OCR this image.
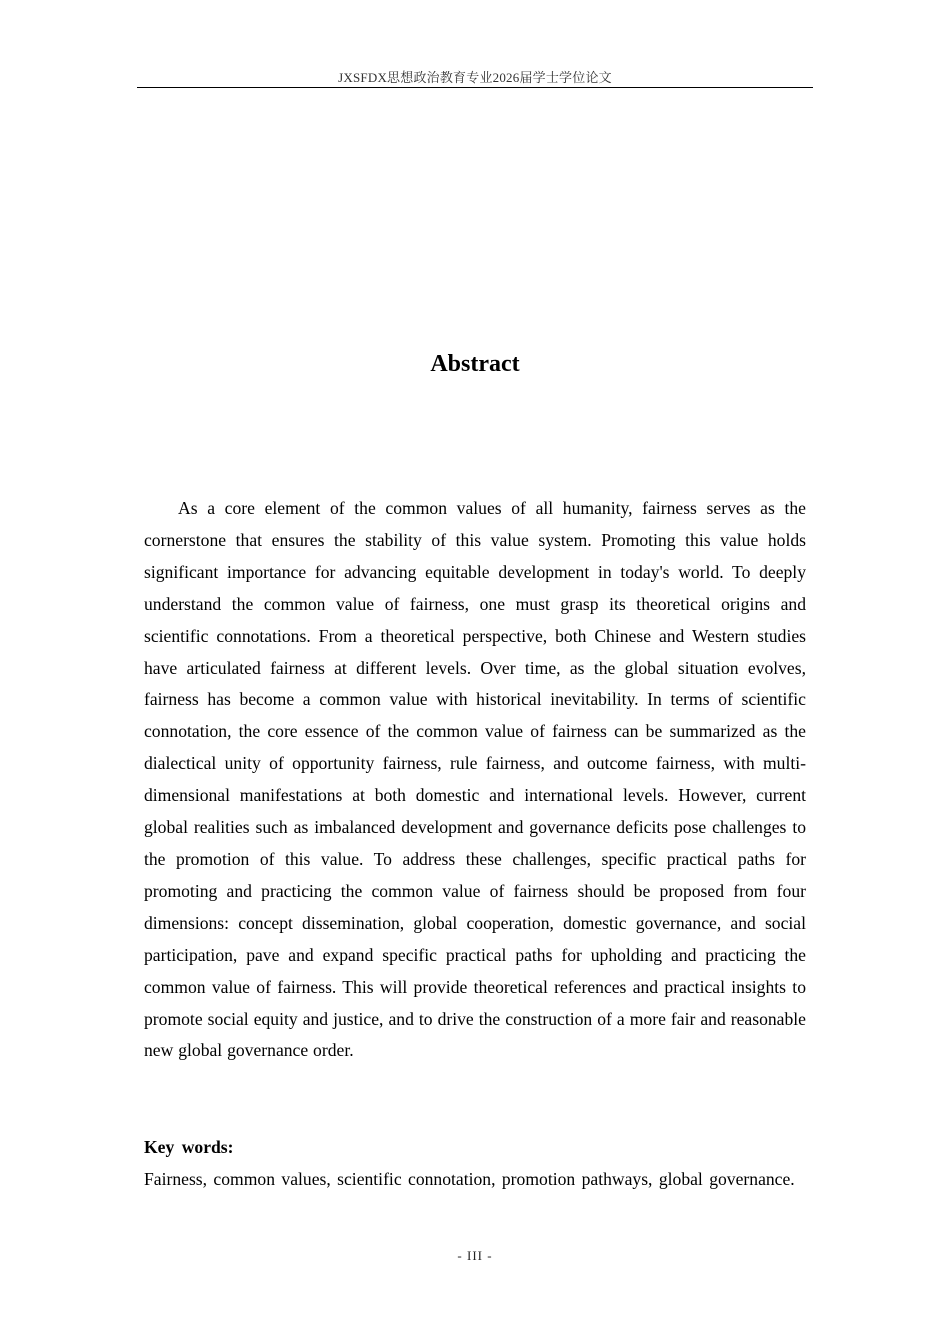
JXSFDX思想政治教育专业2026届学士学位论文
Abstract

As a core element of the common values of all humanity, fairness serves as the cornerstone that ensures the stability of this value system. Promoting this value holds significant importance for advancing equitable development in today's world. To deeply understand the common value of fairness, one must grasp its theoretical origins and scientific connotations. From a theoretical perspective, both Chinese and Western studies have articulated fairness at different levels. Over time, as the global situation evolves, fairness has become a common value with historical inevitability. In terms of scientific connotation, the core essence of the common value of fairness can be summarized as the dialectical unity of opportunity fairness, rule fairness, and outcome fairness, with multi-dimensional manifestations at both domestic and international levels. However, current global realities such as imbalanced development and governance deficits pose challenges to the promotion of this value. To address these challenges, specific practical paths for promoting and practicing the common value of fairness should be proposed from four dimensions: concept dissemination, global cooperation, domestic governance, and social participation, pave and expand specific practical paths for upholding and practicing the common value of fairness. This will provide theoretical references and practical insights to promote social equity and justice, and to drive the construction of a more fair and reasonable new global governance order.

Key words:

Fairness, common values, scientific connotation, promotion pathways, global governance.

- III -
